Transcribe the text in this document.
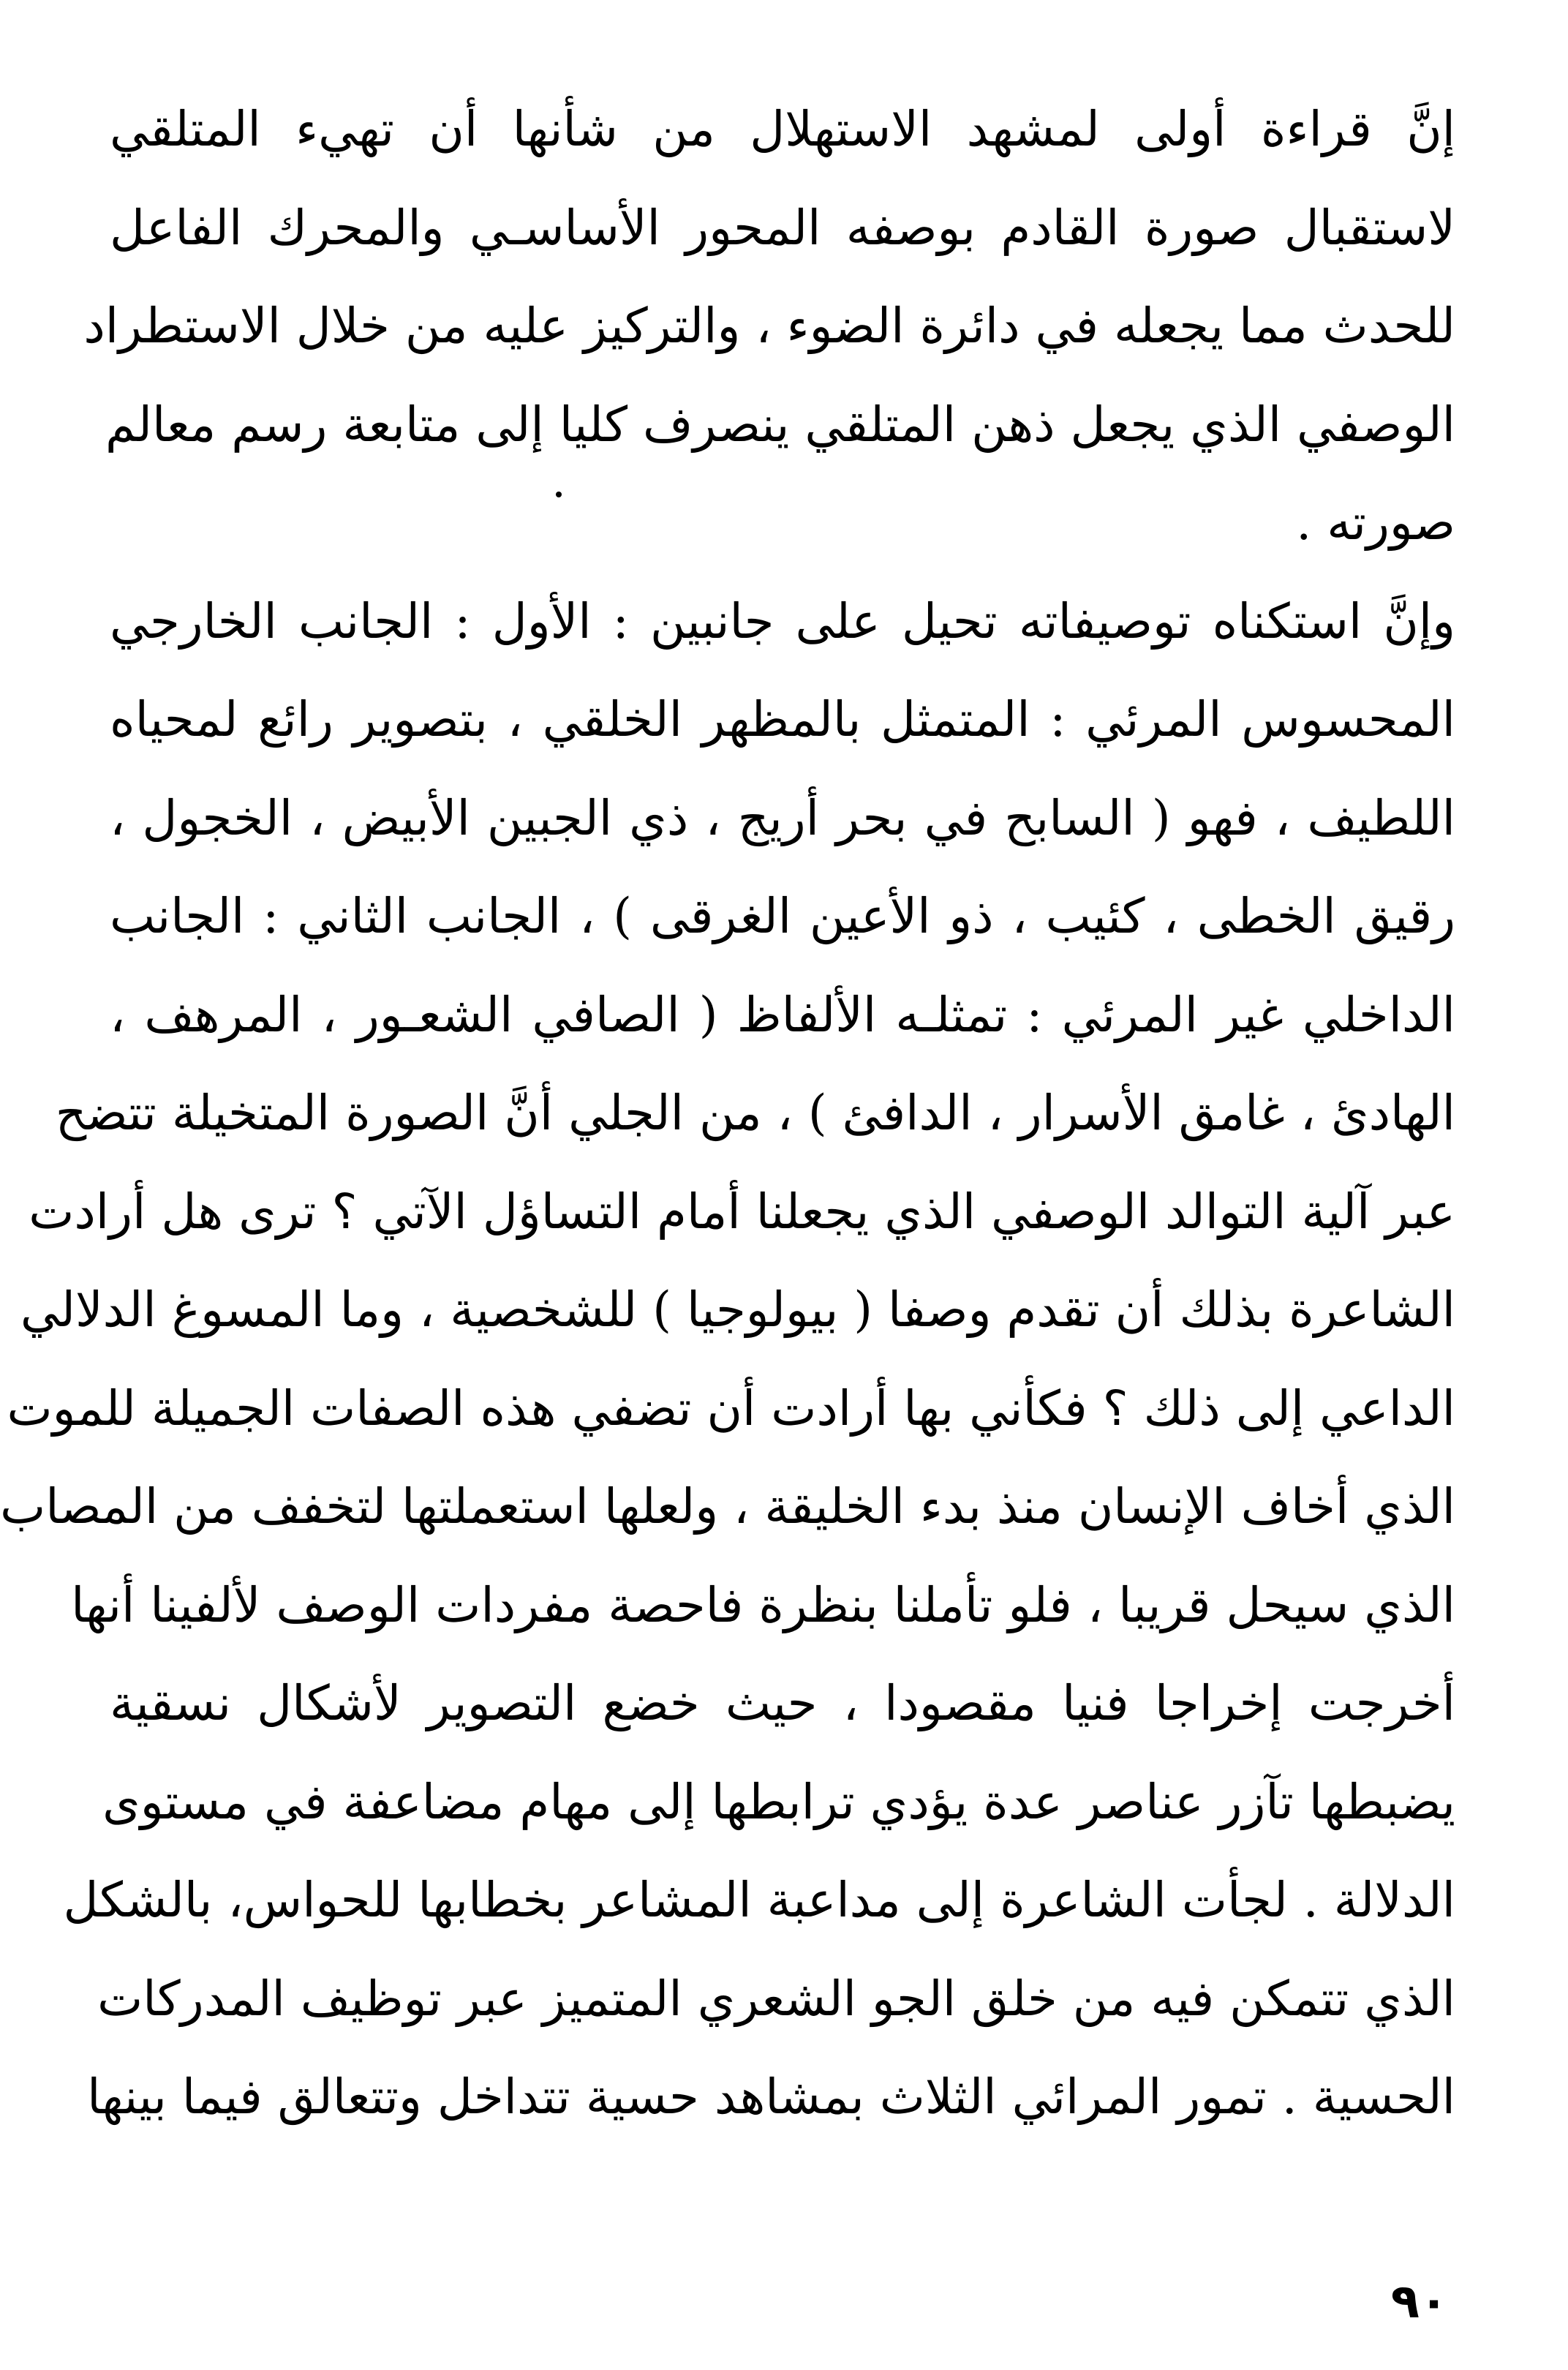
إنَّ قراءة أولى لمشهد الاستهلال من شأنها أن تهيء المتلقي
لاستقبال صورة القادم بوصفه المحور الأساسـي والمحرك الفاعل
للحدث مما يجعله في دائرة الضوء ، والتركيز عليه من خلال الاستطراد
الوصفي الذي يجعل ذهن المتلقي ينصرف كليا إلى متابعة رسم معالم
صورته .

وإنَّ استكناه توصيفاته تحيل على جانبين : الأول : الجانب الخارجي
المحسوس المرئي : المتمثل بالمظهر الخلقي ، بتصوير رائع لمحياه
اللطيف ، فهو ( السابح في بحر أريج ، ذي الجبين الأبيض ، الخجول ،
رقيق الخطى ، كئيب ، ذو الأعين الغرقى ) ، الجانب الثاني : الجانب
الداخلي غير المرئي : تمثلـه الألفاظ ( الصافي الشعـور ، المرهف ،
الهادئ ، غامق الأسرار ، الدافئ ) ، من الجلي أنَّ الصورة المتخيلة تتضح
عبر آلية التوالد الوصفي الذي يجعلنا أمام التساؤل الآتي ؟ ترى هل أرادت
الشاعرة بذلك أن تقدم وصفا ( بيولوجيا ) للشخصية ، وما المسوغ الدلالي
الداعي إلى ذلك ؟ فكأني بها أرادت أن تضفي هذه الصفات الجميلة للموت
الذي أخاف الإنسان منذ بدء الخليقة ، ولعلها استعملتها لتخفف من المصاب
الذي سيحل قريبا ، فلو تأملنا بنظرة فاحصة مفردات الوصف لألفينا أنها
أخرجت إخراجا فنيا مقصودا ، حيث خضع التصوير لأشكال نسقية
يضبطها تآزر عناصر عدة يؤدي ترابطها إلى مهام مضاعفة في مستوى
الدلالة . لجأت الشاعرة إلى مداعبة المشاعر بخطابها للحواس، بالشكل
الذي تتمكن فيه من خلق الجو الشعري المتميز عبر توظيف المدركات
الحسية . تمور المرائي الثلاث بمشاهد حسية تتداخل وتتعالق فيما بينها

٩٠
